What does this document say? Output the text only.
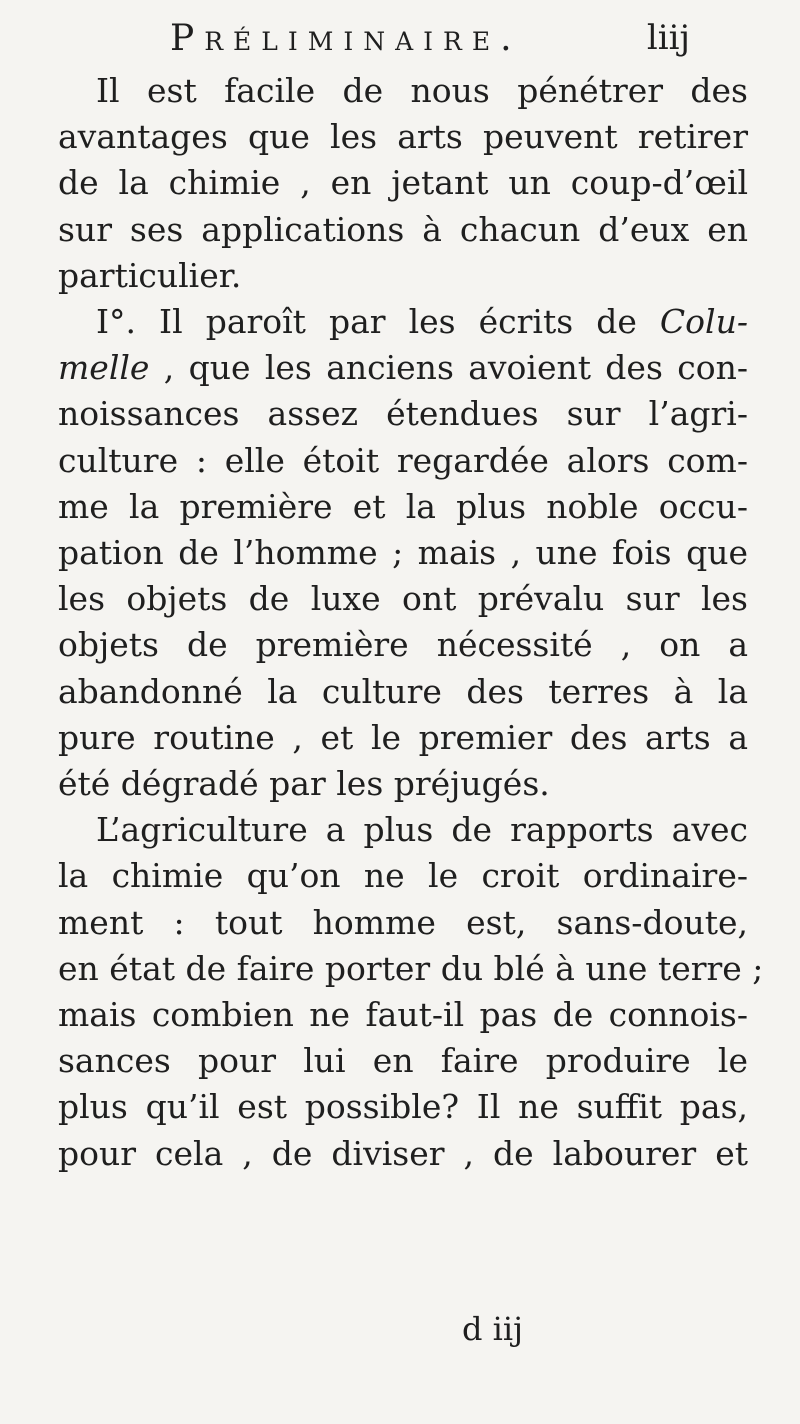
Préliminaire.	liij
Il est facile de nous pénétrer des
avantages que les arts peuvent retirer
de la chimie , en jetant un coup-d’œil
sur ses applications à chacun d’eux en
particulier.
I°. Il paroît par les écrits de Colu-
melle , que les anciens avoient des con-
noissances assez étendues sur l’agri-
culture : elle étoit regardée alors com-
me la première et la plus noble occu-
pation de l’homme ; mais , une fois que
les objets de luxe ont prévalu sur les
objets de première nécessité , on a
abandonné la culture des terres à la
pure routine , et le premier des arts a
été dégradé par les préjugés.
L’agriculture a plus de rapports avec
la chimie qu’on ne le croit ordinaire-
ment : tout homme est, sans-doute,
en état de faire porter du blé à une terre ;
mais combien ne faut-il pas de connois-
sances pour lui en faire produire le
plus qu’il est possible? Il ne suffit pas,
pour cela , de diviser , de labourer et
d iij
